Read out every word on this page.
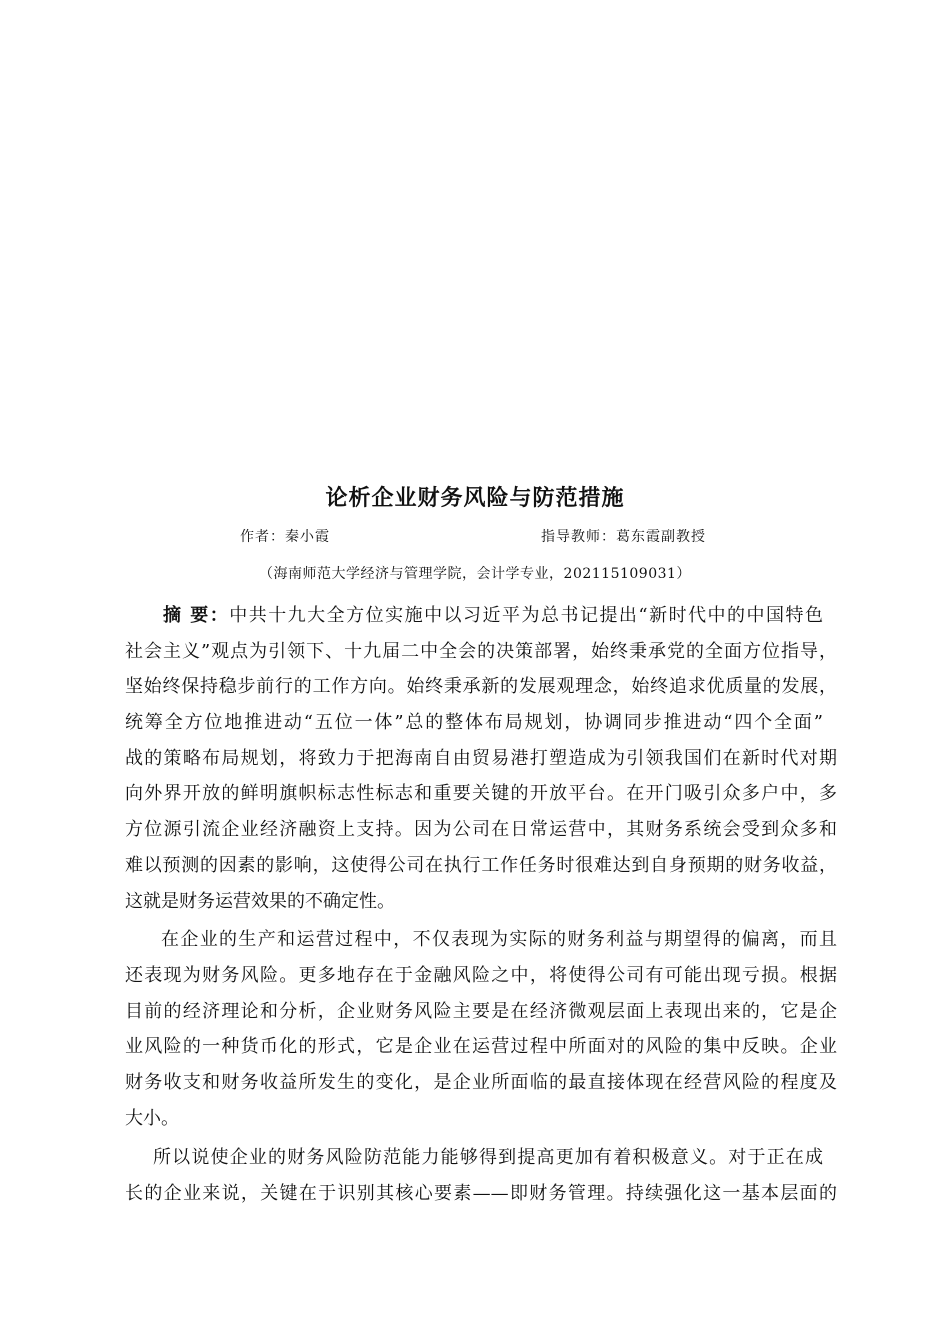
论析企业财务风险与防范措施
作者：秦小霞	指导教师：葛东霞副教授
（海南师范大学经济与管理学院，会计学专业，202115109031）

摘 要：中共十九大全方位实施中以习近平为总书记提出“新时代中的中国特色
社会主义”观点为引领下、十九届二中全会的决策部署，始终秉承党的全面方位指导，
坚始终保持稳步前行的工作方向。始终秉承新的发展观理念，始终追求优质量的发展，
统筹全方位地推进动“五位一体”总的整体布局规划，协调同步推进动“四个全面”
战的策略布局规划，将致力于把海南自由贸易港打塑造成为引领我国们在新时代对期
向外界开放的鲜明旗帜标志性标志和重要关键的开放平台。在开门吸引众多户中，多
方位源引流企业经济融资上支持。因为公司在日常运营中，其财务系统会受到众多和
难以预测的因素的影响，这使得公司在执行工作任务时很难达到自身预期的财务收益，
这就是财务运营效果的不确定性。

在企业的生产和运营过程中，不仅表现为实际的财务利益与期望得的偏离，而且
还表现为财务风险。更多地存在于金融风险之中，将使得公司有可能出现亏损。根据
目前的经济理论和分析，企业财务风险主要是在经济微观层面上表现出来的，它是企
业风险的一种货币化的形式，它是企业在运营过程中所面对的风险的集中反映。企业
财务收支和财务收益所发生的变化，是企业所面临的最直接体现在经营风险的程度及
大小。

所以说使企业的财务风险防范能力能够得到提高更加有着积极意义。对于正在成
长的企业来说，关键在于识别其核心要素——即财务管理。持续强化这一基本层面的
